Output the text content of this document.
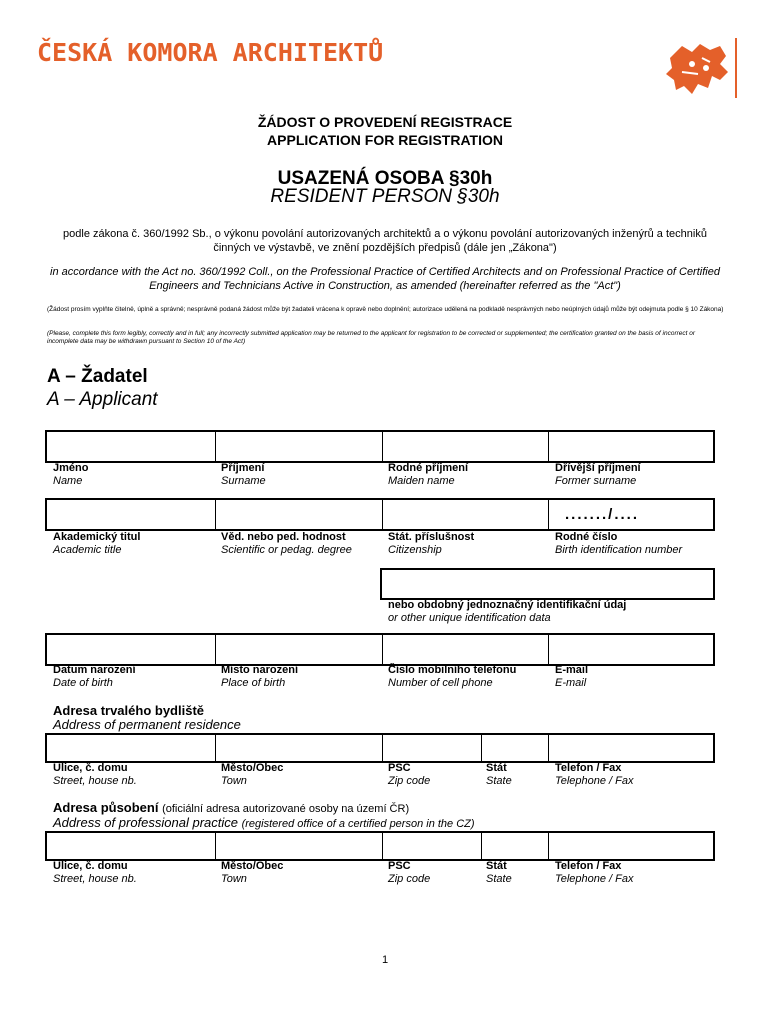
ČESKÁ KOMORA ARCHITEKTŮ
ŽÁDOST O PROVEDENÍ REGISTRACE
APPLICATION FOR REGISTRATION
USAZENÁ OSOBA §30h
RESIDENT PERSON §30h
podle zákona č. 360/1992 Sb., o výkonu povolání autorizovaných architektů a o výkonu povolání autorizovaných inženýrů a techniků činných ve výstavbě, ve znění pozdějších předpisů (dále jen „Zákona")
in accordance with the Act no. 360/1992 Coll., on the Professional Practice of Certified Architects and on Professional Practice of Certified Engineers and Technicians Active in Construction, as amended (hereinafter referred as the "Act")
(Žádost prosím vyplňte čitelně, úplně a správně; nesprávně podaná žádost může být žadateli vrácena k opravě nebo doplnění; autorizace udělená na podkladě nesprávných nebo neúplných údajů může být odejmuta podle § 10 Zákona)
(Please, complete this form legibly, correctly and in full; any incorrectly submitted application may be returned to the applicant for registration to be corrected or supplemented; the certification granted on the basis of incorrect or incomplete data may be withdrawn pursuant to Section 10 of the Act)
A – Žadatel
A – Applicant
Jméno
Name
Příjmení
Surname
Rodné příjmení
Maiden name
Dřívější příjmení
Former surname
......./....
Akademický titul
Academic title
Věd. nebo ped. hodnost
Scientific or pedag. degree
Stát. příslušnost
Citizenship
Rodné číslo
Birth identification number
nebo obdobný jednoznačný identifikační údaj
or other unique identification data
Datum narození
Date of birth
Místo narození
Place of birth
Číslo mobilního telefonu
Number of cell phone
E-mail
E-mail
Adresa trvalého bydliště
Address of permanent residence
Ulice, č. domu
Street, house nb.
Město/Obec
Town
PSČ
Zip code
Stát
State
Telefon / Fax
Telephone / Fax
Adresa působení (oficiální adresa autorizované osoby na území ČR)
Address of professional practice (registered office of a certified person in the CZ)
Ulice, č. domu
Street, house nb.
Město/Obec
Town
PSČ
Zip code
Stát
State
Telefon / Fax
Telephone / Fax
1
